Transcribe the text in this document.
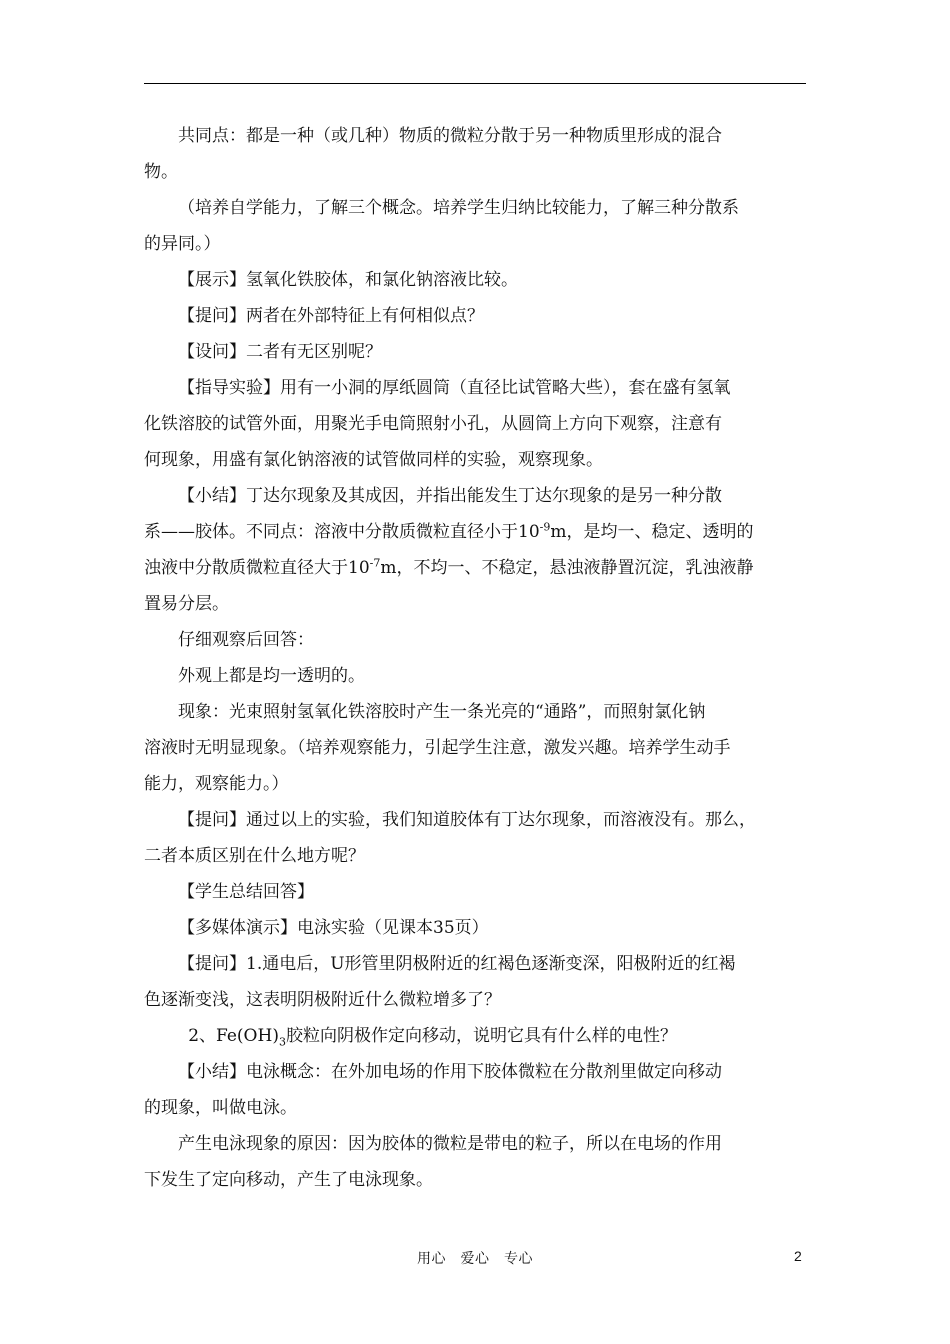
共同点：都是一种（或几种）物质的微粒分散于另一种物质里形成的混合
物。

（培养自学能力，了解三个概念。培养学生归纳比较能力，了解三种分散系
的异同。）

【展示】氢氧化铁胶体，和氯化钠溶液比较。

【提问】两者在外部特征上有何相似点？

【设问】二者有无区别呢？

【指导实验】用有一小洞的厚纸圆筒（直径比试管略大些），套在盛有氢氧
化铁溶胶的试管外面，用聚光手电筒照射小孔，从圆筒上方向下观察，注意有
何现象，用盛有氯化钠溶液的试管做同样的实验，观察现象。

【小结】丁达尔现象及其成因，并指出能发生丁达尔现象的是另一种分散
系——胶体。不同点：溶液中分散质微粒直径小于$10^{-9}m$，是均一、稳定、透明的
浊液中分散质微粒直径大于$10^{-7}m$，不均一、不稳定，悬浊液静置沉淀，乳浊液静
置易分层。

仔细观察后回答：

外观上都是均一透明的。

现象：光束照射氢氧化铁溶胶时产生一条光亮的“通路”，而照射氯化钠
溶液时无明显现象。（培养观察能力，引起学生注意，激发兴趣。培养学生动手
能力，观察能力。）

【提问】通过以上的实验，我们知道胶体有丁达尔现象，而溶液没有。那么，
二者本质区别在什么地方呢？

【学生总结回答】

【多媒体演示】电泳实验（见课本35页）

【提问】1.通电后，U形管里阴极附近的红褐色逐渐变深，阳极附近的红褐
色逐渐变浅，这表明阴极附近什么微粒增多了？

2、$Fe(OH)_3$胶粒向阴极作定向移动，说明它具有什么样的电性？

【小结】电泳概念：在外加电场的作用下胶体微粒在分散剂里做定向移动
的现象，叫做电泳。

产生电泳现象的原因：因为胶体的微粒是带电的粒子，所以在电场的作用
下发生了定向移动，产生了电泳现象。

用心　爱心　专心	2
